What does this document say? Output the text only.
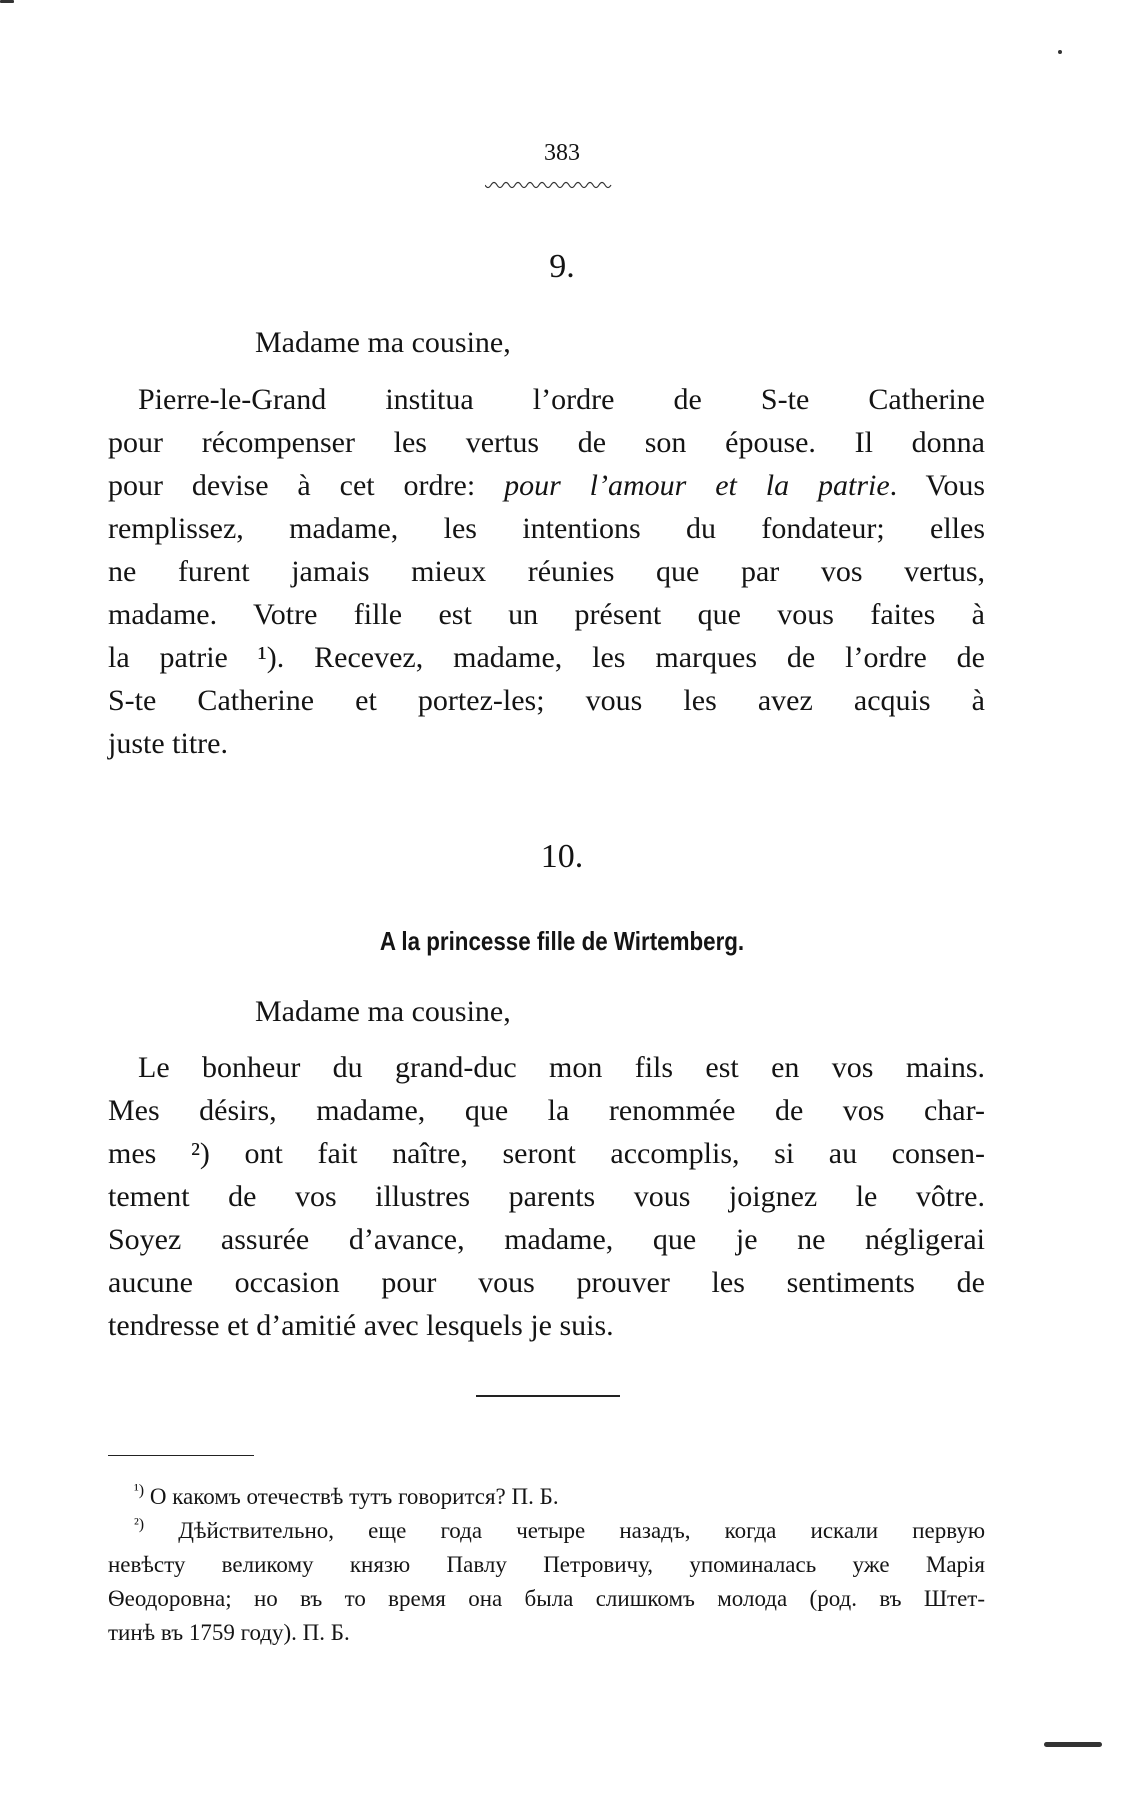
383
9.
Madame ma cousine,
Pierre-le-Grand institua l’ordre de S-te Catherine
pour récompenser les vertus de son épouse. Il donna
pour devise à cet ordre: pour l’amour et la patrie. Vous
remplissez, madame, les intentions du fondateur; elles
ne furent jamais mieux réunies que par vos vertus,
madame. Votre fille est un présent que vous faites à
la patrie ¹). Recevez, madame, les marques de l’ordre de
S-te Catherine et portez-les; vous les avez acquis à
juste titre.
10.
A la princesse fille de Wirtemberg.
Madame ma cousine,
Le bonheur du grand-duc mon fils est en vos mains.
Mes désirs, madame, que la renommée de vos char-
mes ²) ont fait naître, seront accomplis, si au consen-
tement de vos illustres parents vous joignez le vôtre.
Soyez assurée d’avance, madame, que je ne négligerai
aucune occasion pour vous prouver les sentiments de
tendresse et d’amitié avec lesquels je suis.
$^{^1)}$ О какомъ отечествѣ тутъ говорится? П. Б.
$^{^2)}$ Дѣйствительно, еще года четыре назадъ, когда искали первую
невѣсту великому князю Павлу Петровичу, упоминалась уже Марія
Ѳеодоровна; но въ то время она была слишкомъ молода (род. въ Штет-
тинѣ въ 1759 году). П. Б.
